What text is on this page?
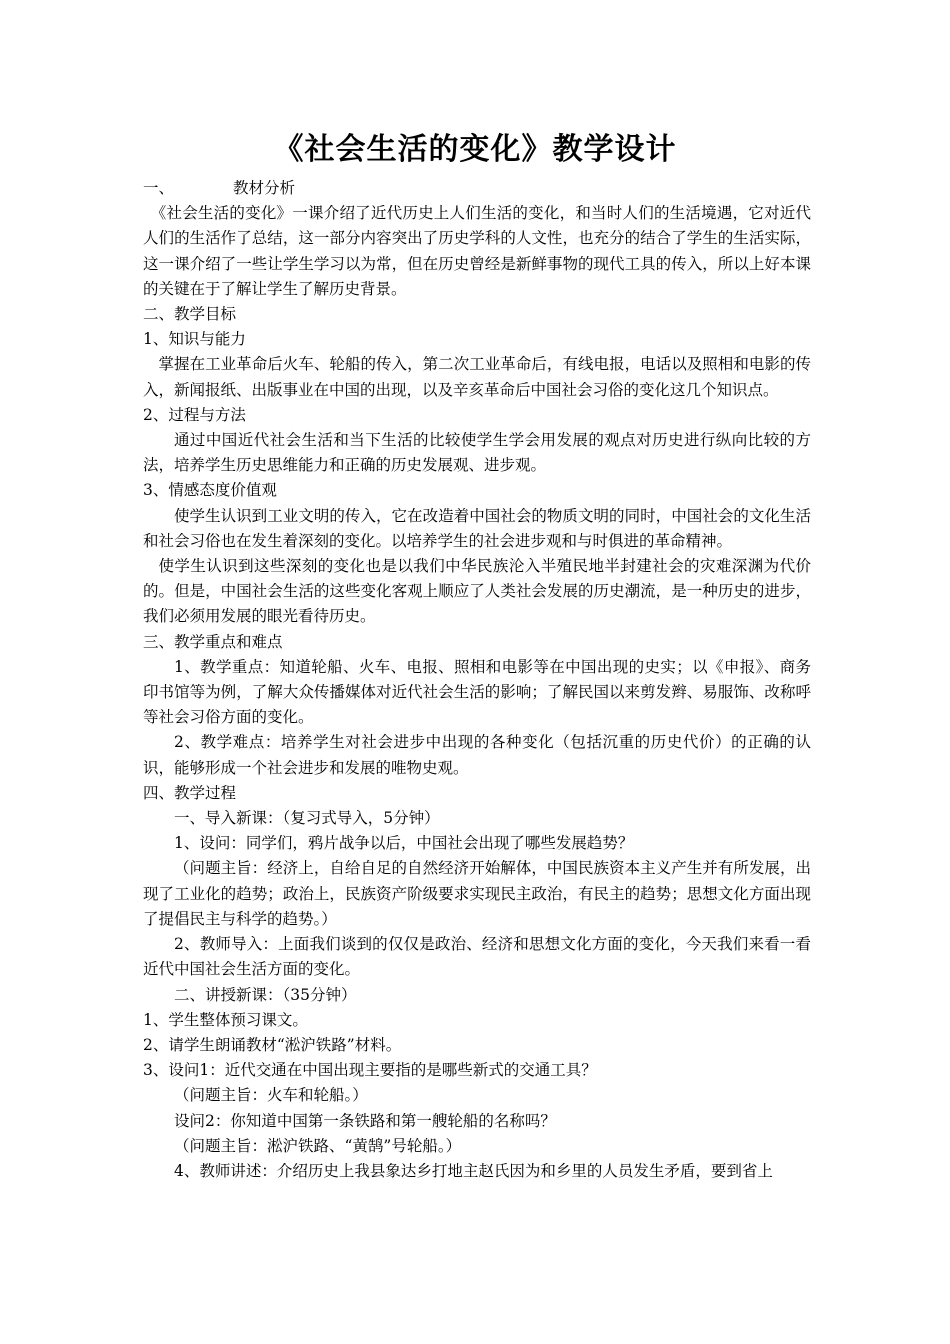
《社会生活的变化》教学设计

一、	教材分析

《社会生活的变化》一课介绍了近代历史上人们生活的变化，和当时人们的生活境遇，它对近代人们的生活作了总结，这一部分内容突出了历史学科的人文性，也充分的结合了学生的生活实际，这一课介绍了一些让学生学习以为常，但在历史曾经是新鲜事物的现代工具的传入，所以上好本课的关键在于了解让学生了解历史背景。

二、教学目标

1、知识与能力

掌握在工业革命后火车、轮船的传入，第二次工业革命后，有线电报，电话以及照相和电影的传入，新闻报纸、出版事业在中国的出现，以及辛亥革命后中国社会习俗的变化这几个知识点。

2、过程与方法

通过中国近代社会生活和当下生活的比较使学生学会用发展的观点对历史进行纵向比较的方法，培养学生历史思维能力和正确的历史发展观、进步观。

3、情感态度价值观

使学生认识到工业文明的传入，它在改造着中国社会的物质文明的同时，中国社会的文化生活和社会习俗也在发生着深刻的变化。以培养学生的社会进步观和与时俱进的革命精神。

使学生认识到这些深刻的变化也是以我们中华民族沦入半殖民地半封建社会的灾难深渊为代价的。但是，中国社会生活的这些变化客观上顺应了人类社会发展的历史潮流，是一种历史的进步，我们必须用发展的眼光看待历史。

三、教学重点和难点

1、教学重点：知道轮船、火车、电报、照相和电影等在中国出现的史实；以《申报》、商务印书馆等为例，了解大众传播媒体对近代社会生活的影响；了解民国以来剪发辫、易服饰、改称呼等社会习俗方面的变化。

2、教学难点：培养学生对社会进步中出现的各种变化（包括沉重的历史代价）的正确的认识，能够形成一个社会进步和发展的唯物史观。

四、教学过程

一、导入新课：（复习式导入，5分钟）

1、设问：同学们，鸦片战争以后，中国社会出现了哪些发展趋势？

（问题主旨：经济上，自给自足的自然经济开始解体，中国民族资本主义产生并有所发展，出现了工业化的趋势；政治上，民族资产阶级要求实现民主政治，有民主的趋势；思想文化方面出现了提倡民主与科学的趋势。）

2、教师导入：上面我们谈到的仅仅是政治、经济和思想文化方面的变化，今天我们来看一看近代中国社会生活方面的变化。

二、讲授新课：（35分钟）

1、学生整体预习课文。

2、请学生朗诵教材“淞沪铁路”材料。

3、设问1：近代交通在中国出现主要指的是哪些新式的交通工具？

（问题主旨：火车和轮船。）

设问2：你知道中国第一条铁路和第一艘轮船的名称吗？

（问题主旨：淞沪铁路、“黄鹄”号轮船。）

4、教师讲述：介绍历史上我县象达乡打地主赵氏因为和乡里的人员发生矛盾，要到省上
